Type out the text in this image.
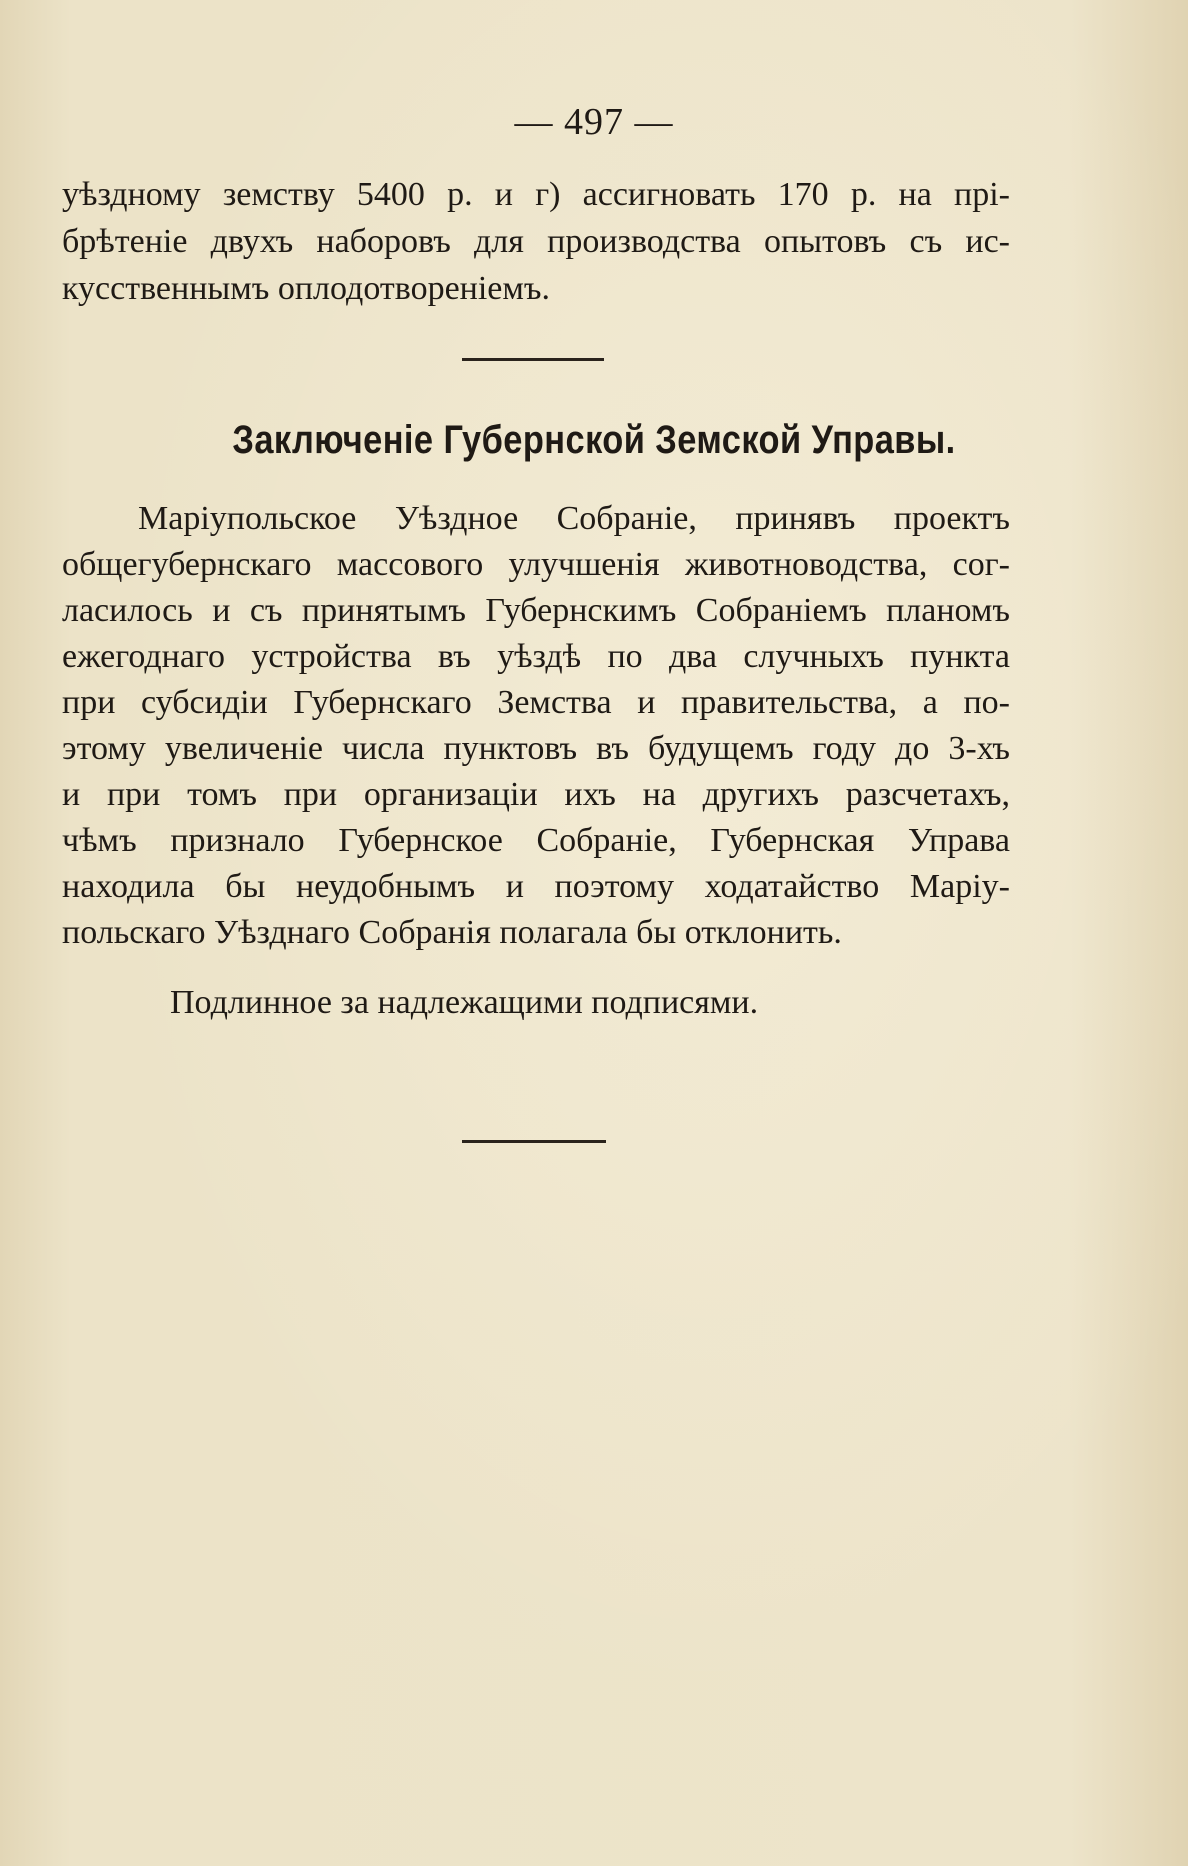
— 497 —
уѣздному земству 5400 р. и г) ассигновать 170 р. на прі-
брѣтеніе двухъ наборовъ для производства опытовъ съ ис-
кусственнымъ оплодотвореніемъ.
Заключеніе Губернской Земской Управы.
Маріупольское Уѣздное Собраніе, принявъ проектъ
общегубернскаго массового улучшенія животноводства, сог-
ласилось и съ принятымъ Губернскимъ Собраніемъ планомъ
ежегоднаго устройства въ уѣздѣ по два случныхъ пункта
при субсидіи Губернскаго Земства и правительства, а по-
этому увеличеніе числа пунктовъ въ будущемъ году до 3-хъ
и при томъ при организаціи ихъ на другихъ разсчетахъ,
чѣмъ признало Губернское Собраніе, Губернская Управа
находила бы неудобнымъ и поэтому ходатайство Маріу-
польскаго Уѣзднаго Собранія полагала бы отклонить.
Подлинное за надлежащими подписями.
